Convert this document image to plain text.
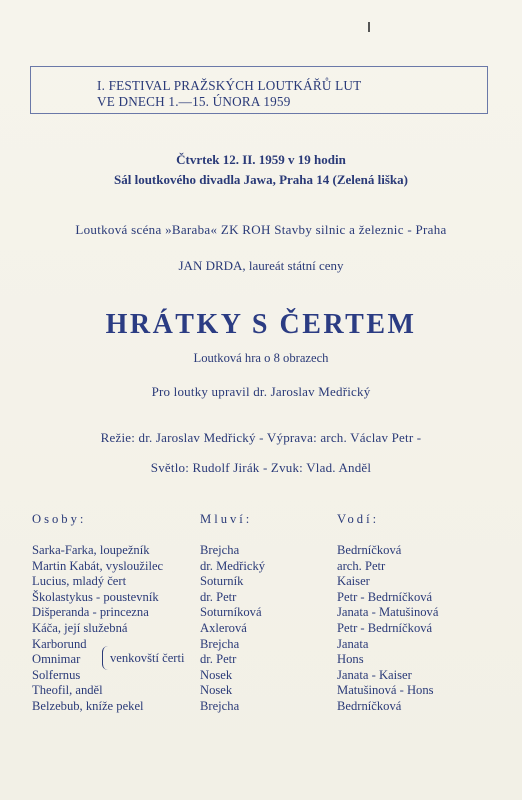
I. FESTIVAL PRAŽSKÝCH LOUTKÁŘŮ LUT
VE DNECH 1.—15. ÚNORA 1959
Čtvrtek 12. II. 1959 v 19 hodin
Sál loutkového divadla Jawa, Praha 14 (Zelená liška)
Loutková scéna »Baraba« ZK ROH Stavby silnic a železnic - Praha
JAN DRDA, laureát státní ceny
HRÁTKY S ČERTEM
Loutková hra o 8 obrazech
Pro loutky upravil dr. Jaroslav Medřický
Režie: dr. Jaroslav Medřický - Výprava: arch. Václav Petr -
Světlo: Rudolf Jirák - Zvuk: Vlad. Anděl
Osoby:	Mluví:	Vodí:
Sarka-Farka, loupežník
Martin Kabát, vysloužilec
Lucius, mladý čert
Školastykus - poustevník
Dišperanda - princezna
Káča, její služebná
Karborund
Omnimar
Solfernus
Theofil, anděl
Belzebub, kníže pekel
venkovští čerti
Brejcha
dr. Medřický
Soturník
dr. Petr
Soturníková
Axlerová
Brejcha
dr. Petr
Nosek
Nosek
Brejcha
Bedrníčková
arch. Petr
Kaiser
Petr - Bedrníčková
Janata - Matušinová
Petr - Bedrníčková
Janata
Hons
Janata - Kaiser
Matušinová - Hons
Bedrníčková
